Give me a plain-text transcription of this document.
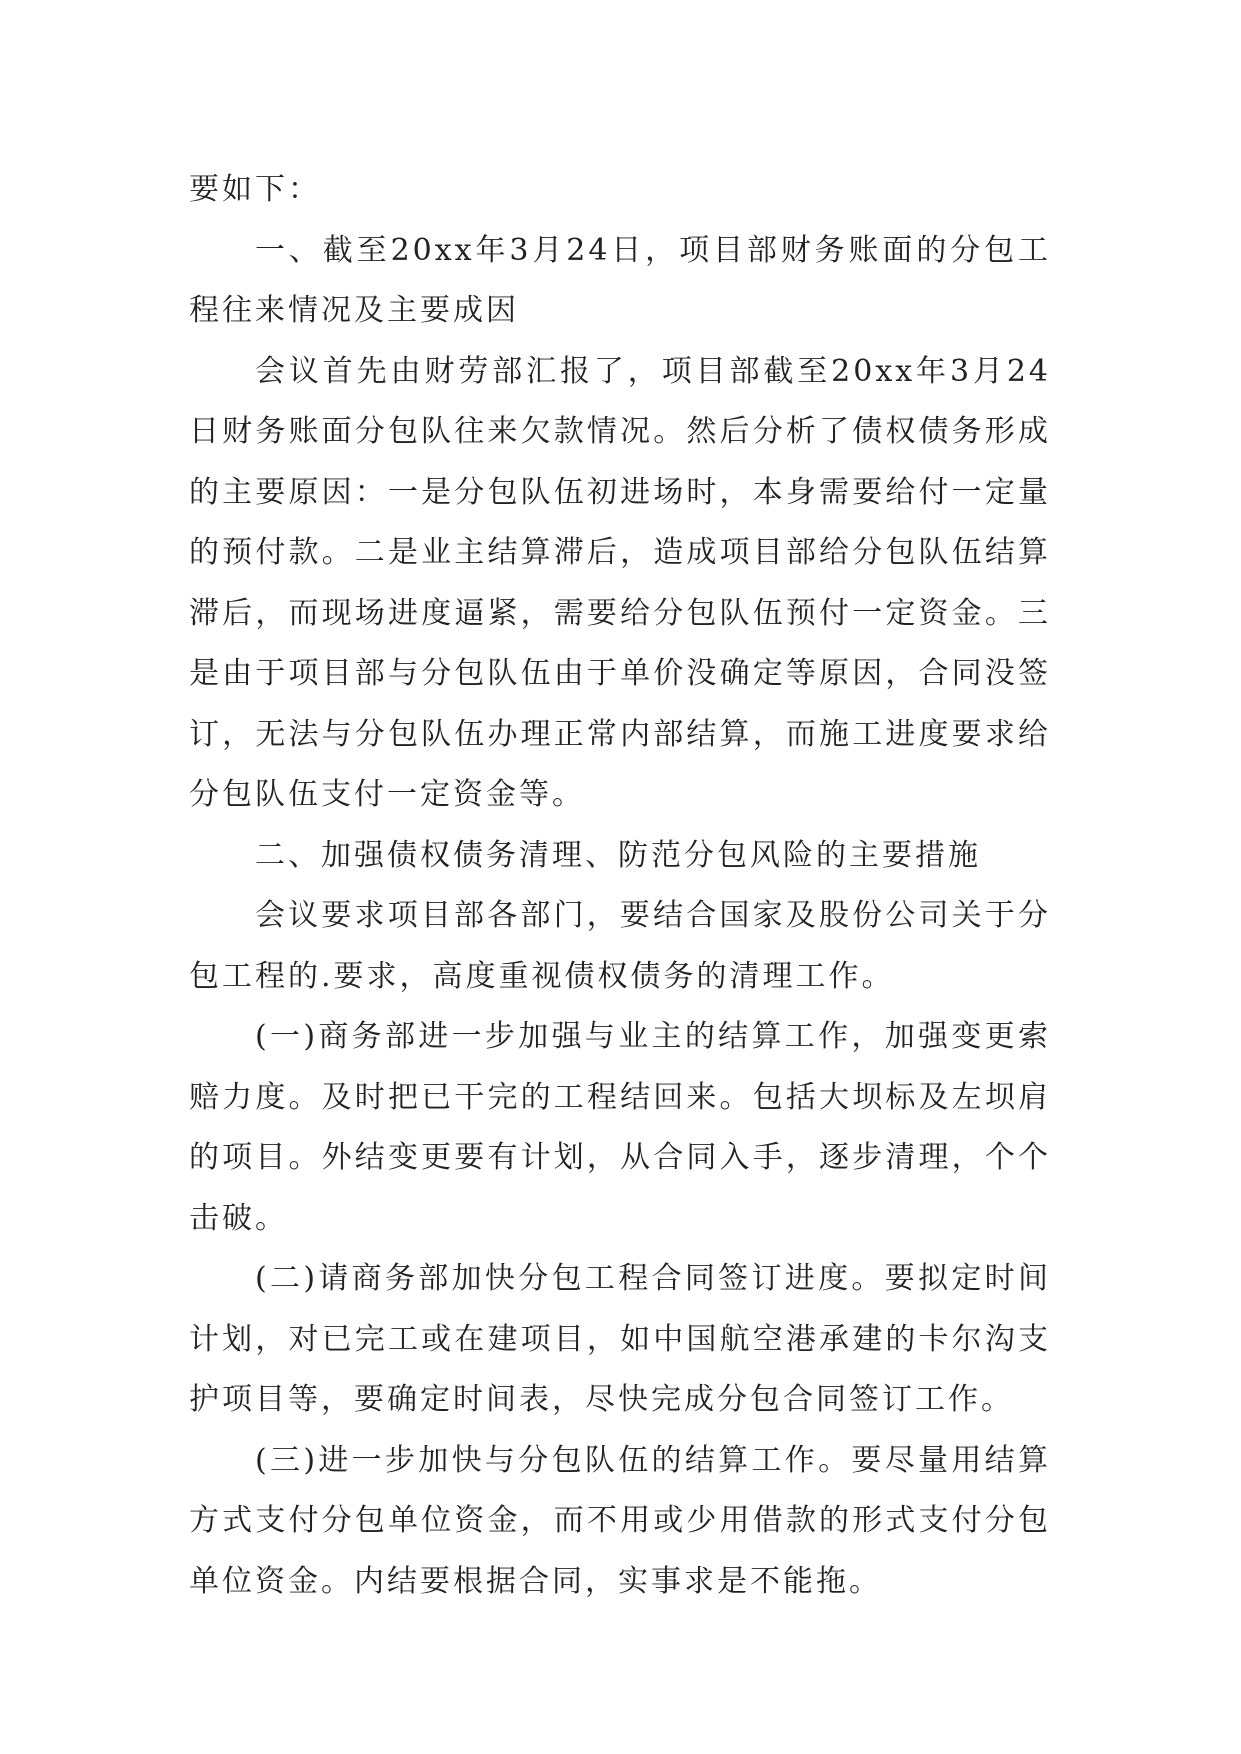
要如下：

一、截至20xx年3月24日，项目部财务账面的分包工程往来情况及主要成因

会议首先由财劳部汇报了，项目部截至20xx年3月24日财务账面分包队往来欠款情况。然后分析了债权债务形成的主要原因：一是分包队伍初进场时，本身需要给付一定量的预付款。二是业主结算滞后，造成项目部给分包队伍结算滞后，而现场进度逼紧，需要给分包队伍预付一定资金。三是由于项目部与分包队伍由于单价没确定等原因，合同没签订，无法与分包队伍办理正常内部结算，而施工进度要求给分包队伍支付一定资金等。

二、加强债权债务清理、防范分包风险的主要措施

会议要求项目部各部门，要结合国家及股份公司关于分包工程的.要求，高度重视债权债务的清理工作。

(一)商务部进一步加强与业主的结算工作，加强变更索赔力度。及时把已干完的工程结回来。包括大坝标及左坝肩的项目。外结变更要有计划，从合同入手，逐步清理，个个击破。

(二)请商务部加快分包工程合同签订进度。要拟定时间计划，对已完工或在建项目，如中国航空港承建的卡尔沟支护项目等，要确定时间表，尽快完成分包合同签订工作。

(三)进一步加快与分包队伍的结算工作。要尽量用结算方式支付分包单位资金，而不用或少用借款的形式支付分包单位资金。内结要根据合同，实事求是不能拖。
